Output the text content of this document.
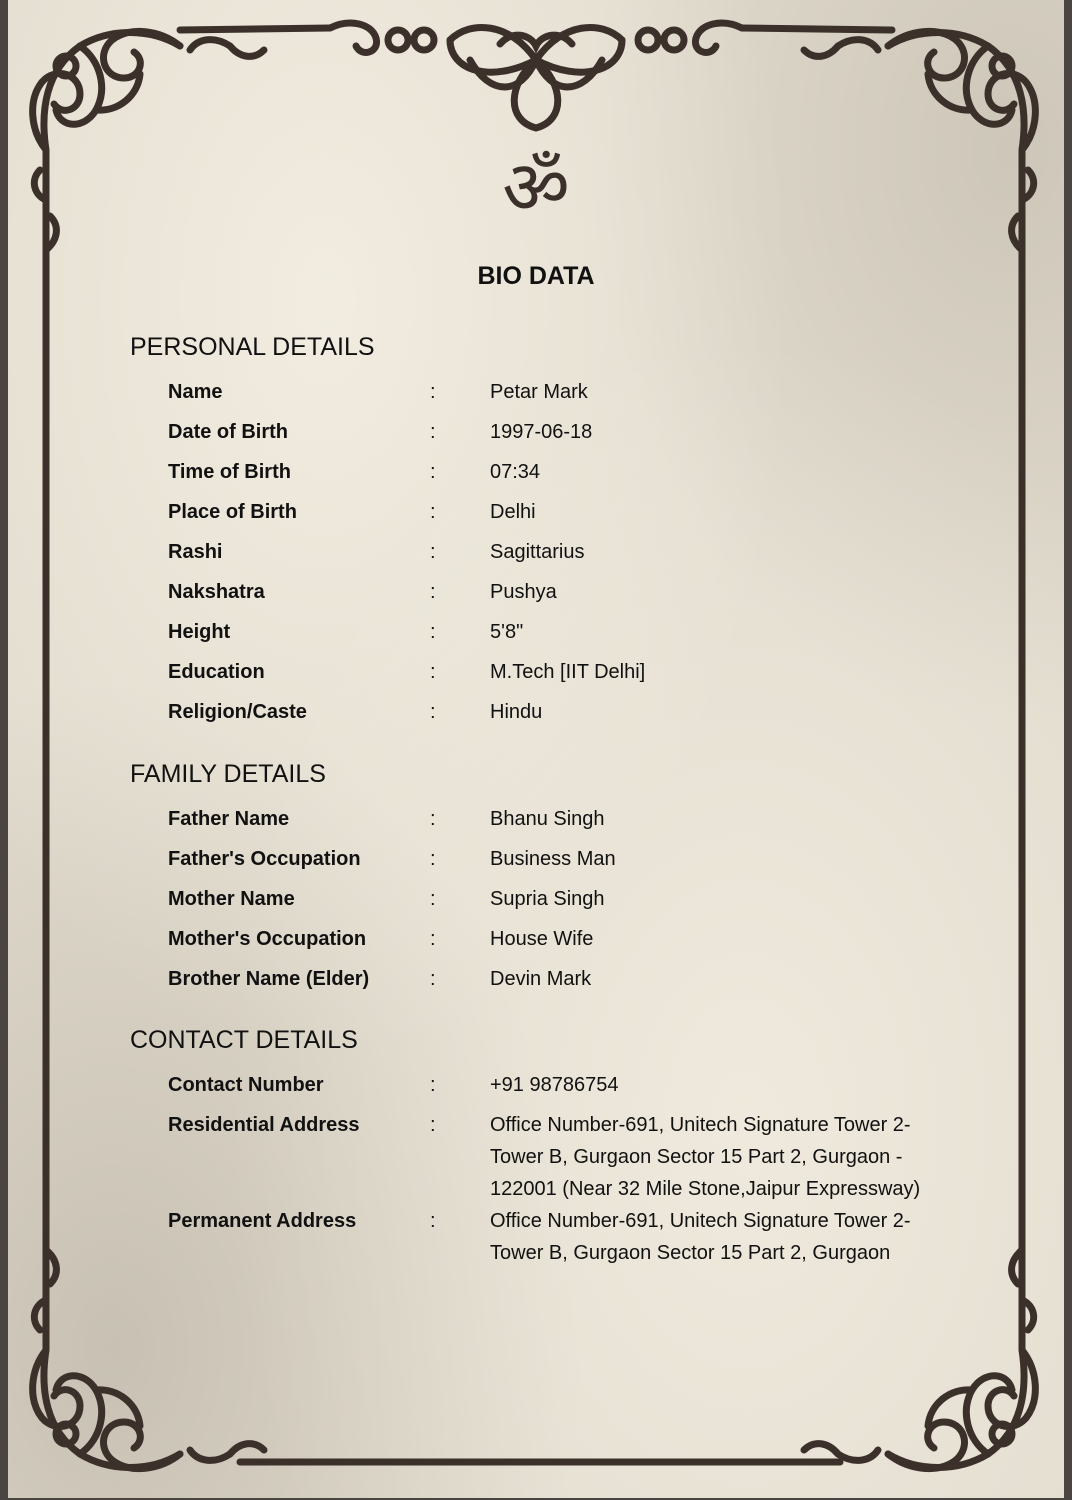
ॐ
BIO DATA
PERSONAL DETAILS
Name	:	Petar Mark
Date of Birth	:	1997-06-18
Time of Birth	:	07:34
Place of Birth	:	Delhi
Rashi	:	Sagittarius
Nakshatra	:	Pushya
Height	:	5'8"
Education	:	M.Tech [IIT Delhi]
Religion/Caste	:	Hindu
FAMILY DETAILS
Father Name	:	Bhanu Singh
Father's Occupation	:	Business Man
Mother Name	:	Supria Singh
Mother's Occupation	:	House Wife
Brother Name (Elder)	:	Devin Mark
CONTACT DETAILS
Contact Number	:	+91 98786754
Residential Address	:	Office Number-691, Unitech Signature Tower 2-Tower B, Gurgaon Sector 15 Part 2, Gurgaon - 122001 (Near 32 Mile Stone,Jaipur Expressway)
Permanent Address	:	Office Number-691, Unitech Signature Tower 2-Tower B, Gurgaon Sector 15 Part 2, Gurgaon
